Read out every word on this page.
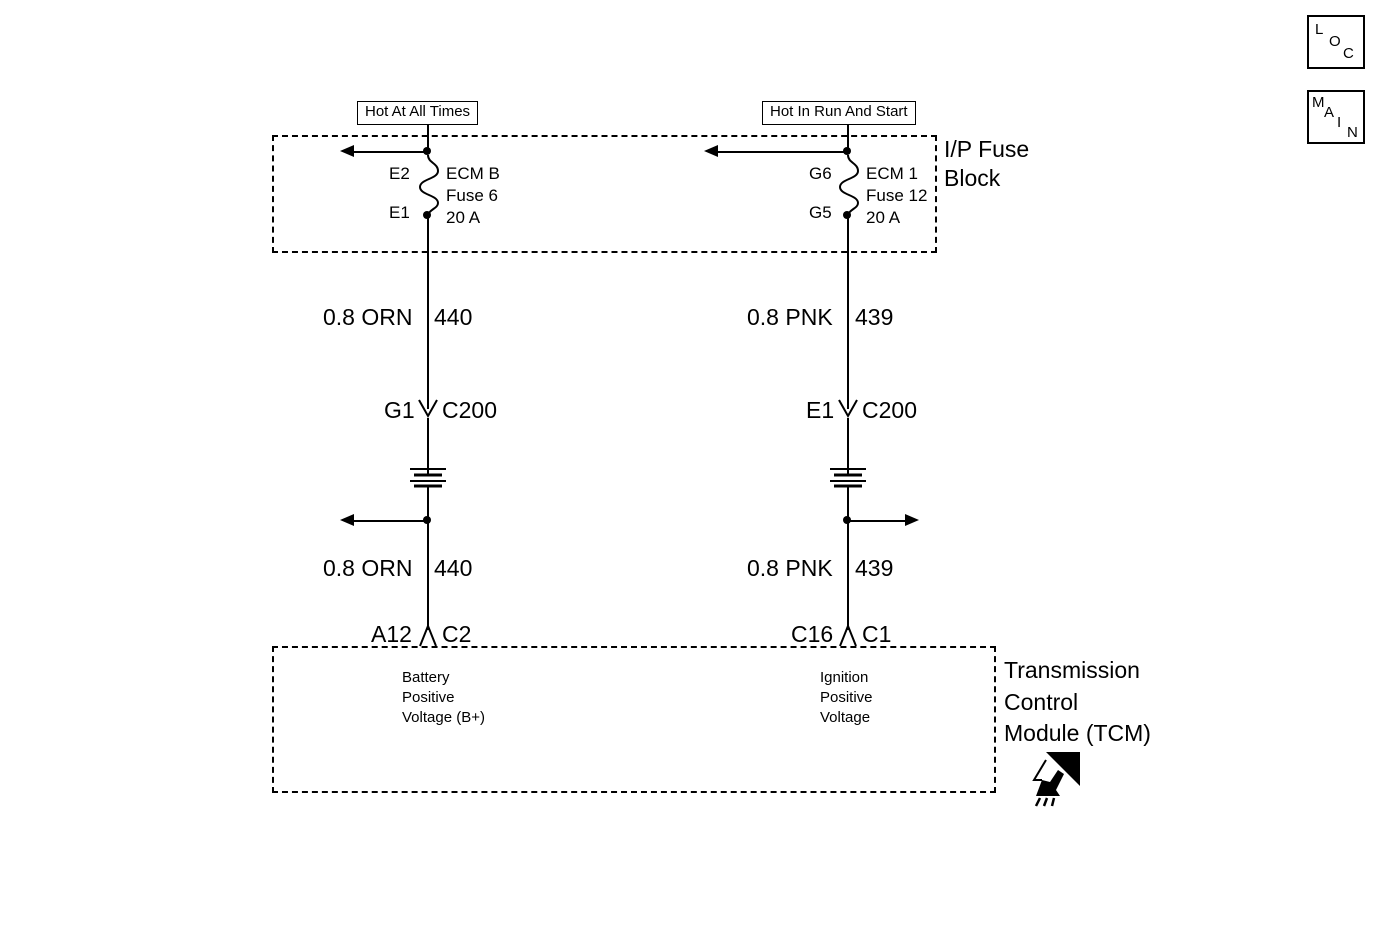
Hot At All Times
E2
E1
ECM B
Fuse 6
20 A
0.8 ORN 440
G1 C200
0.8 ORN 440
A12 C2
Hot In Run And Start
G6
G5
ECM 1
Fuse 12
20 A
0.8 PNK 439
E1 C200
0.8 PNK 439
C16 C1
I/P Fuse
Block
Battery
Positive
Voltage (B+)
Ignition
Positive
Voltage
Transmission
Control
Module (TCM)
L
O
C
M
A
I
N
